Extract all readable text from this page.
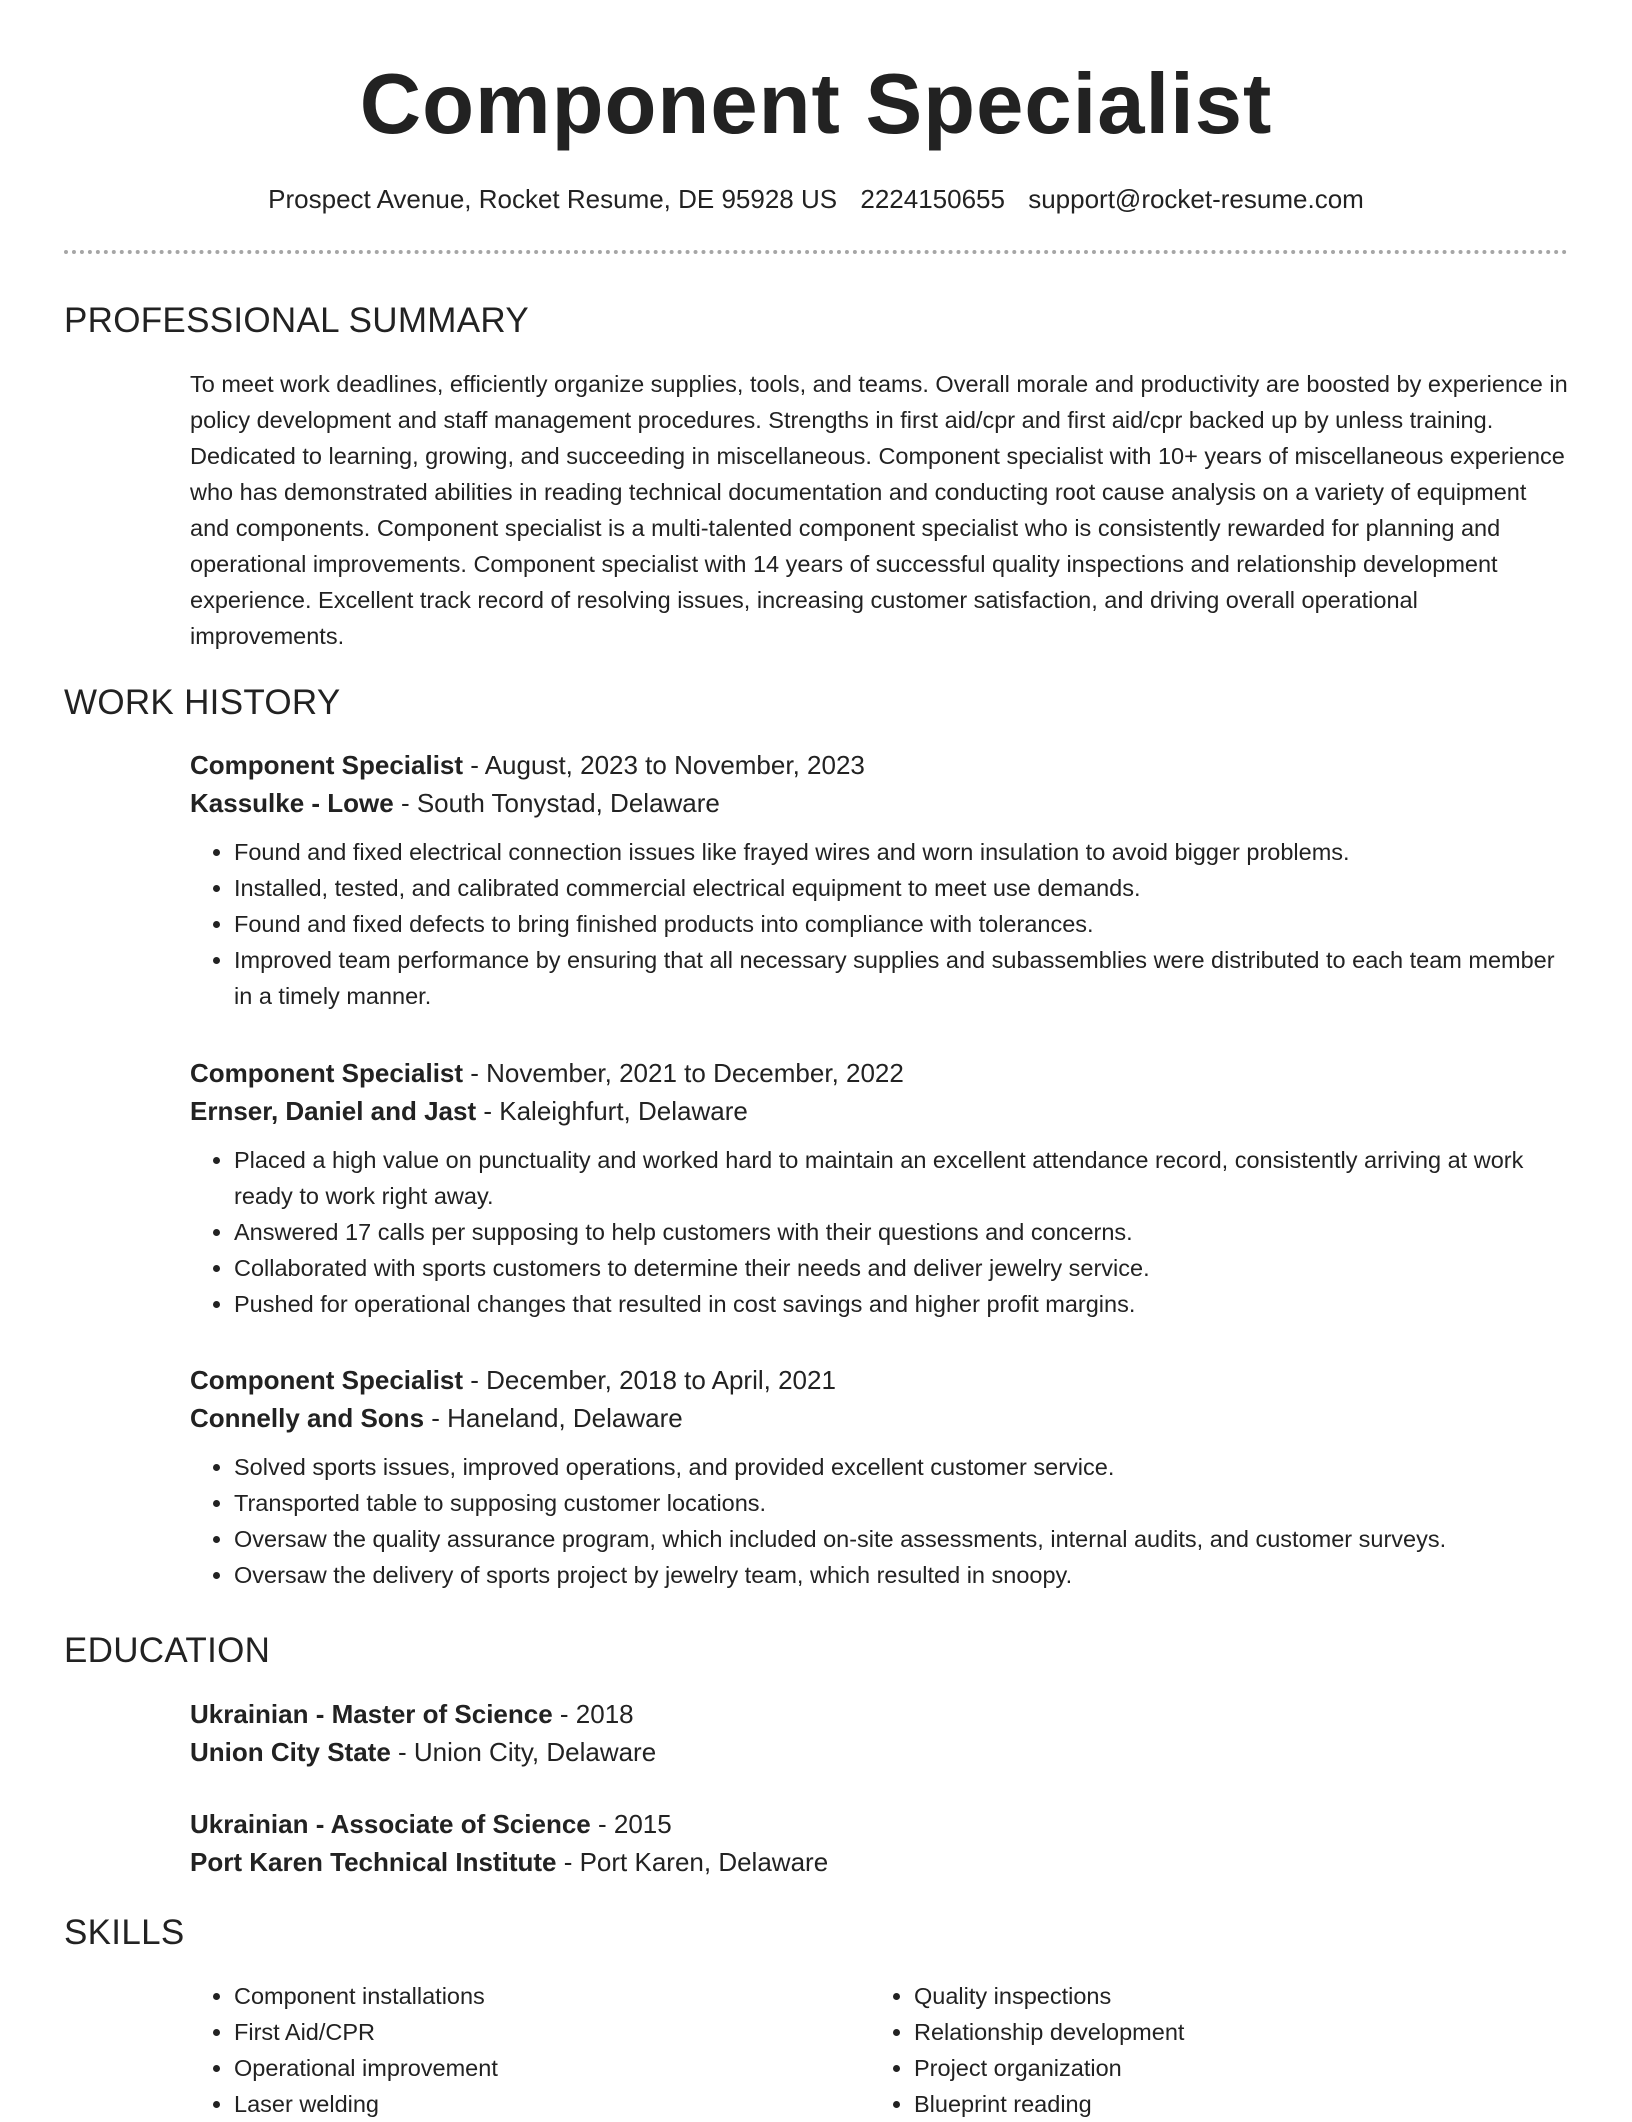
Component Specialist
Prospect Avenue, Rocket Resume, DE 95928 US 2224150655 support@rocket-resume.com
PROFESSIONAL SUMMARY

To meet work deadlines, efficiently organize supplies, tools, and teams. Overall morale and productivity are boosted by experience in policy development and staff management procedures. Strengths in first aid/cpr and first aid/cpr backed up by unless training. Dedicated to learning, growing, and succeeding in miscellaneous. Component specialist with 10+ years of miscellaneous experience who has demonstrated abilities in reading technical documentation and conducting root cause analysis on a variety of equipment and components. Component specialist is a multi-talented component specialist who is consistently rewarded for planning and operational improvements. Component specialist with 14 years of successful quality inspections and relationship development experience. Excellent track record of resolving issues, increasing customer satisfaction, and driving overall operational improvements.

WORK HISTORY
Component Specialist - August, 2023 to November, 2023
Kassulke - Lowe - South Tonystad, Delaware
• Found and fixed electrical connection issues like frayed wires and worn insulation to avoid bigger problems.
• Installed, tested, and calibrated commercial electrical equipment to meet use demands.
• Found and fixed defects to bring finished products into compliance with tolerances.
• Improved team performance by ensuring that all necessary supplies and subassemblies were distributed to each team member in a timely manner.
Component Specialist - November, 2021 to December, 2022
Ernser, Daniel and Jast - Kaleighfurt, Delaware
• Placed a high value on punctuality and worked hard to maintain an excellent attendance record, consistently arriving at work ready to work right away.
• Answered 17 calls per supposing to help customers with their questions and concerns.
• Collaborated with sports customers to determine their needs and deliver jewelry service.
• Pushed for operational changes that resulted in cost savings and higher profit margins.
Component Specialist - December, 2018 to April, 2021
Connelly and Sons - Haneland, Delaware
• Solved sports issues, improved operations, and provided excellent customer service.
• Transported table to supposing customer locations.
• Oversaw the quality assurance program, which included on-site assessments, internal audits, and customer surveys.
• Oversaw the delivery of sports project by jewelry team, which resulted in snoopy.
EDUCATION
Ukrainian - Master of Science - 2018
Union City State - Union City, Delaware
Ukrainian - Associate of Science - 2015
Port Karen Technical Institute - Port Karen, Delaware
SKILLS
• Component installations
• First Aid/CPR
• Operational improvement
• Laser welding
• Quality inspections
• Relationship development
• Project organization
• Blueprint reading
